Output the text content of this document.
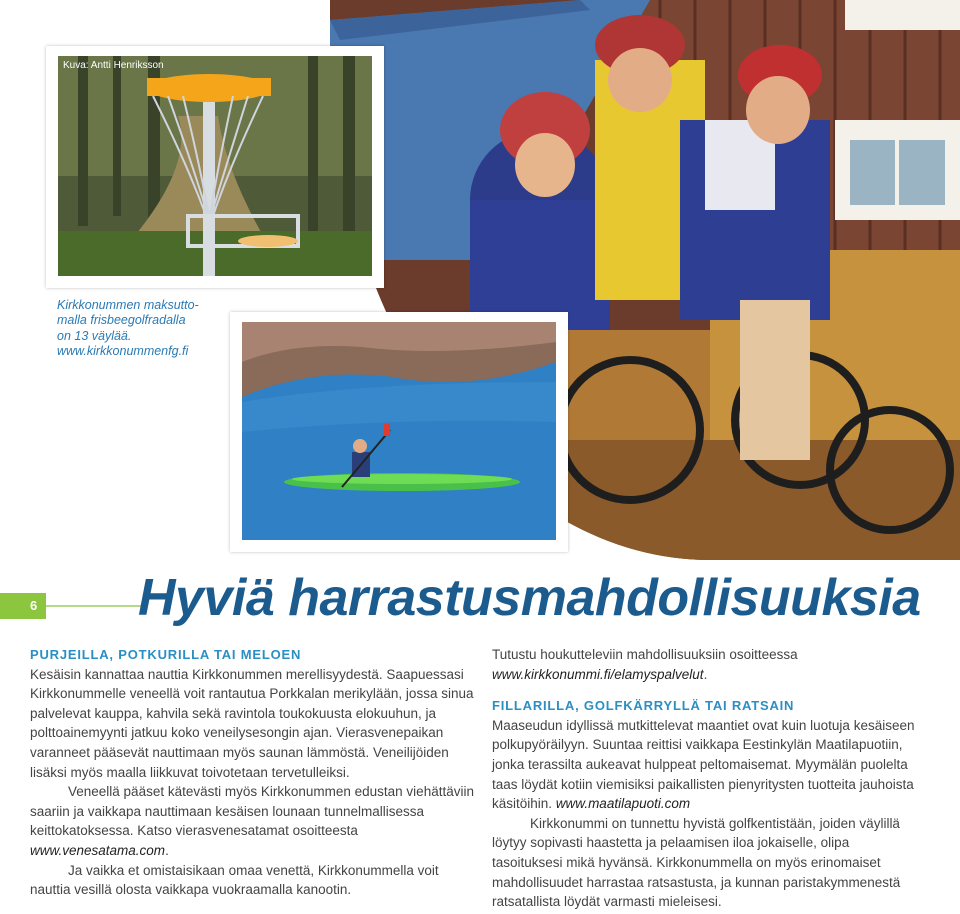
Kuva: Antti Henriksson
Kirkkonummen maksutto-
malla frisbeegolfradalla
on 13 väylää.
www.kirkkonummenfg.fi
6 Hyviä harrastusmahdollisuuksia

PURJEILLA, POTKURILLA TAI MELOEN

Kesäisin kannattaa nauttia Kirkkonummen merellisyydestä. Saapuessasi Kirkkonummelle veneellä voit rantautua Porkkalan merikylään, jossa sinua palvelevat kauppa, kahvila sekä ravintola toukokuusta elokuuhun, ja polttoainemyynti jatkuu koko veneilysesongin ajan. Vierasvenepaikan varanneet pääsevät nauttimaan myös saunan lämmöstä. Veneilijöiden lisäksi myös maalla liikkuvat toivotetaan tervetulleiksi.

Veneellä pääset kätevästi myös Kirkkonummen edustan viehättäviin saariin ja vaikkapa nauttimaan kesäisen lounaan tunnelmallisessa keittokatoksessa. Katso vierasvenesatamat osoitteesta www.venesatama.com.

Ja vaikka et omistaisikaan omaa venettä, Kirkkonummella voit nauttia vesillä olosta vaikkapa vuokraamalla kanootin.

Tutustu houkutteleviin mahdollisuuksiin osoitteessa www.kirkkonummi.fi/elamyspalvelut.

FILLARILLA, GOLFKÄRRYLLÄ TAI RATSAIN

Maaseudun idyllissä mutkittelevat maantiet ovat kuin luotuja kesäiseen polkupyöräilyyn. Suuntaa reittisi vaikkapa Eestinkylän Maatilapuotiin, jonka terassilta aukeavat hulppeat peltomaisemat. Myymälän puolelta taas löydät kotiin viemisiksi paikallisten pienyritysten tuotteita jauhoista käsitöihin. www.maatilapuoti.com

Kirkkonummi on tunnettu hyvistä golfkentistään, joiden väylillä löytyy sopivasti haastetta ja pelaamisen iloa jokaiselle, olipa tasoituksesi mikä hyvänsä. Kirkkonummella on myös erinomaiset mahdollisuudet harrastaa ratsastusta, ja kunnan paristakymmenestä ratsatallista löydät varmasti mieleisesi.
